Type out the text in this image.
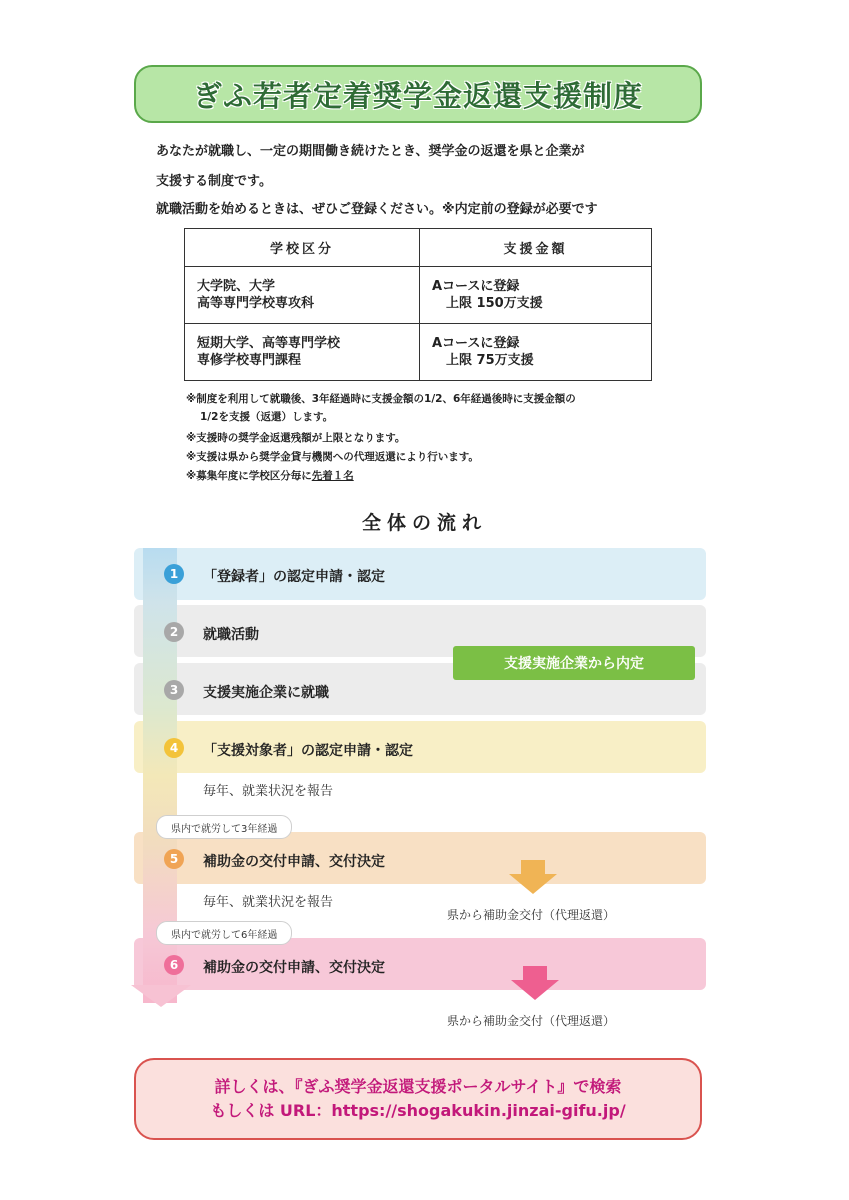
ぎふ若者定着奨学金返還支援制度
あなたが就職し、一定の期間働き続けたとき、奨学金の返還を県と企業が
支援する制度です。
就職活動を始めるときは、ぜひご登録ください。※内定前の登録が必要です
学校区分	支援金額

大学院、大学
高等専門学校専攻科	Aコースに登録
上限 150万支援

短期大学、高等専門学校
専修学校専門課程	Aコースに登録
上限 75万支援
※制度を利用して就職後、3年経過時に支援金額の1/2、6年経過後時に支援金額の
1/2を支援（返還）します。
※支援時の奨学金返還残額が上限となります。
※支援は県から奨学金貸与機関への代理返還により行います。
※募集年度に学校区分毎に先着１名
全体の流れ
1	「登録者」の認定申請・認定
2	就職活動
3	支援実施企業に就職
4	「支援対象者」の認定申請・認定
5	補助金の交付申請、交付決定
6	補助金の交付申請、交付決定
支援実施企業から内定
毎年、就業状況を報告
県内で就労して3年経過
毎年、就業状況を報告
県内で就労して6年経過
県から補助金交付（代理返還）
県から補助金交付（代理返還）
詳しくは、『ぎふ奨学金返還支援ポータルサイト』で検索
もしくは URL：https://shogakukin.jinzai-gifu.jp/
